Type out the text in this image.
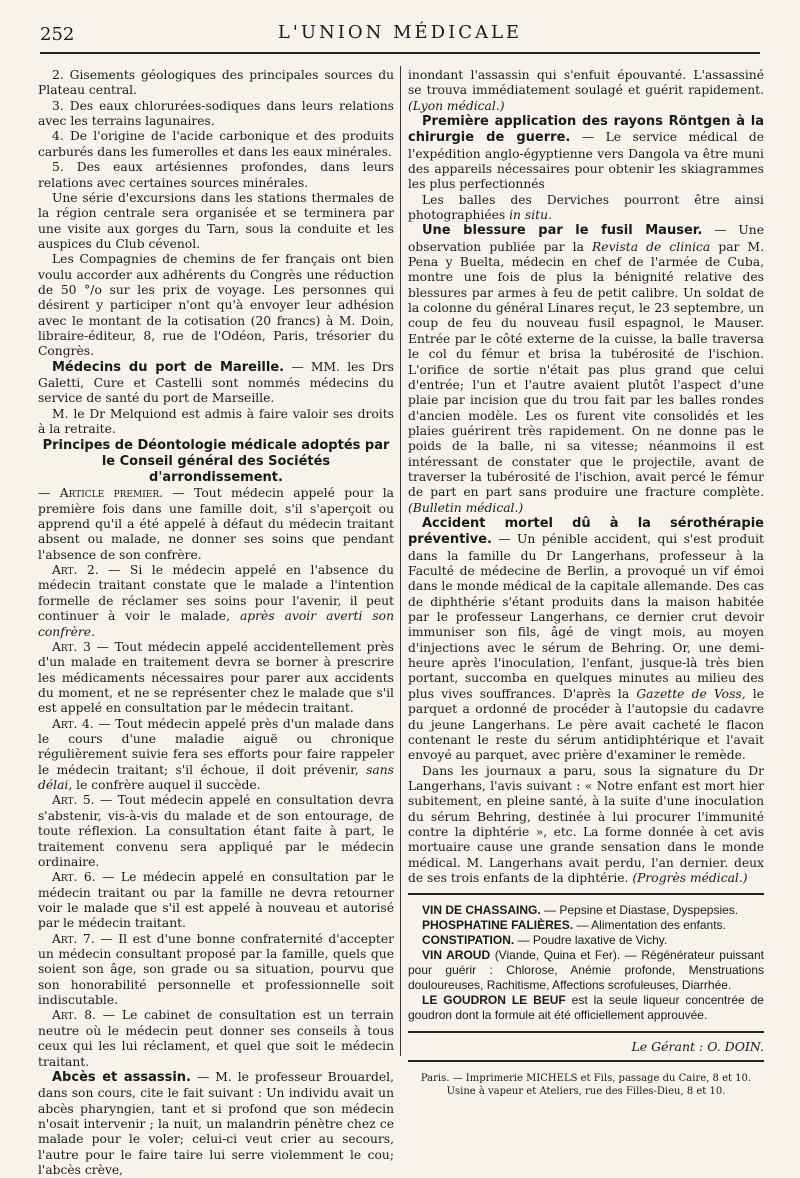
252	L'UNION MÉDICALE

2. Gisements géologiques des principales sources du Plateau central.

3. Des eaux chlorurées-sodiques dans leurs relations avec les terrains lagunaires.

4. De l'origine de l'acide carbonique et des produits carburés dans les fumerolles et dans les eaux minérales.

5. Des eaux artésiennes profondes, dans leurs relations avec certaines sources minérales.

Une série d'excursions dans les stations thermales de la région centrale sera organisée et se terminera par une visite aux gorges du Tarn, sous la conduite et les auspices du Club cévenol.

Les Compagnies de chemins de fer français ont bien voulu accorder aux adhérents du Congrès une réduction de 50 °/o sur les prix de voyage. Les personnes qui désirent y participer n'ont qu'à envoyer leur adhésion avec le montant de la cotisation (20 francs) à M. Doin, libraire-éditeur, 8, rue de l'Odéon, Paris, trésorier du Congrès.

Médecins du port de Mareille. — MM. les Drs Galetti, Cure et Castelli sont nommés médecins du service de santé du port de Marseille.

M. le Dr Melquiond est admis à faire valoir ses droits à la retraite.

Principes de Déontologie médicale adoptés par le Conseil général des Sociétés d'arrondissement.

— Article premier. — Tout médecin appelé pour la première fois dans une famille doit, s'il s'aperçoit ou apprend qu'il a été appelé à défaut du médecin traitant absent ou malade, ne donner ses soins que pendant l'absence de son confrère.

Art. 2. — Si le médecin appelé en l'absence du médecin traitant constate que le malade a l'intention formelle de réclamer ses soins pour l'avenir, il peut continuer à voir le malade, après avoir averti son confrère.

Art. 3 — Tout médecin appelé accidentellement près d'un malade en traitement devra se borner à prescrire les médicaments nécessaires pour parer aux accidents du moment, et ne se représenter chez le malade que s'il est appelé en consultation par le médecin traitant.

Art. 4. — Tout médecin appelé près d'un malade dans le cours d'une maladie aiguë ou chronique régulièrement suivie fera ses efforts pour faire rappeler le médecin traitant; s'il échoue, il doit prévenir, sans délai, le confrère auquel il succède.

Art. 5. — Tout médecin appelé en consultation devra s'abstenir, vis-à-vis du malade et de son entourage, de toute réflexion. La consultation étant faite à part, le traitement convenu sera appliqué par le médecin ordinaire.

Art. 6. — Le médecin appelé en consultation par le médecin traitant ou par la famille ne devra retourner voir le malade que s'il est appelé à nouveau et autorisé par le médecin traitant.

Art. 7. — Il est d'une bonne confraternité d'accepter un médecin consultant proposé par la famille, quels que soient son âge, son grade ou sa situation, pourvu que son honorabilité personnelle et professionnelle soit indiscutable.

Art. 8. — Le cabinet de consultation est un terrain neutre où le médecin peut donner ses conseils à tous ceux qui les lui réclament, et quel que soit le médecin traitant.

Abcès et assassin. — M. le professeur Brouardel, dans son cours, cite le fait suivant : Un individu avait un abcès pharyngien, tant et si profond que son médecin n'osait intervenir ; la nuit, un malandrin pénètre chez ce malade pour le voler; celui-ci veut crier au secours, l'autre pour le faire taire lui serre violemment le cou; l'abcès crève,

inondant l'assassin qui s'enfuit épouvanté. L'assassiné se trouva immédiatement soulagé et guérit rapidement. (Lyon médical.)

Première application des rayons Röntgen à la chirurgie de guerre. — Le service médical de l'expédition anglo-égyptienne vers Dangola va être muni des appareils nécessaires pour obtenir les skiagrammes les plus perfectionnés

Les balles des Derviches pourront être ainsi photographiées in situ.

Une blessure par le fusil Mauser. — Une observation publiée par la Revista de clinica par M. Pena y Buelta, médecin en chef de l'armée de Cuba, montre une fois de plus la bénignité relative des blessures par armes à feu de petit calibre. Un soldat de la colonne du général Linares reçut, le 23 septembre, un coup de feu du nouveau fusil espagnol, le Mauser. Entrée par le côté externe de la cuisse, la balle traversa le col du fémur et brisa la tubérosité de l'ischion. L'orifice de sortie n'était pas plus grand que celui d'entrée; l'un et l'autre avaient plutôt l'aspect d'une plaie par incision que du trou fait par les balles rondes d'ancien modèle. Les os furent vite consolidés et les plaies guérirent très rapidement. On ne donne pas le poids de la balle, ni sa vitesse; néanmoins il est intéressant de constater que le projectile, avant de traverser la tubérosité de l'ischion, avait percé le fémur de part en part sans produire une fracture complète. (Bulletin médical.)

Accident mortel dû à la sérothérapie préventive. — Un pénible accident, qui s'est produit dans la famille du Dr Langerhans, professeur à la Faculté de médecine de Berlin, a provoqué un vif émoi dans le monde médical de la capitale allemande. Des cas de diphthérie s'étant produits dans la maison habitée par le professeur Langerhans, ce dernier crut devoir immuniser son fils, âgé de vingt mois, au moyen d'injections avec le sérum de Behring. Or, une demi-heure après l'inoculation, l'enfant, jusque-là très bien portant, succomba en quelques minutes au milieu des plus vives souffrances. D'après la Gazette de Voss, le parquet a ordonné de procéder à l'autopsie du cadavre du jeune Langerhans. Le père avait cacheté le flacon contenant le reste du sérum antidiphtérique et l'avait envoyé au parquet, avec prière d'examiner le remède.

Dans les journaux a paru, sous la signature du Dr Langerhans, l'avis suivant : « Notre enfant est mort hier subitement, en pleine santé, à la suite d'une inoculation du sérum Behring, destinée à lui procurer l'immunité contre la diphtérie », etc. La forme donnée à cet avis mortuaire cause une grande sensation dans le monde médical. M. Langerhans avait perdu, l'an dernier. deux de ses trois enfants de la diphtérie. (Progrès médical.)

VIN DE CHASSAING. — Pepsine et Diastase, Dyspepsies.

PHOSPHATINE FALIÈRES. — Alimentation des enfants.

CONSTIPATION. — Poudre laxative de Vichy.

VIN AROUD (Viande, Quina et Fer). — Régénérateur puissant pour guérir : Chlorose, Anémie profonde, Menstruations douloureuses, Rachitisme, Affections scrofuleuses, Diarrhée.

LE GOUDRON LE BEUF est la seule liqueur concentrée de goudron dont la formule ait été officiellement approuvée.

Le Gérant : O. DOIN.
Paris. — Imprimerie MICHELS et Fils, passage du Caire, 8 et 10.
Usine à vapeur et Ateliers, rue des Filles-Dieu, 8 et 10.
